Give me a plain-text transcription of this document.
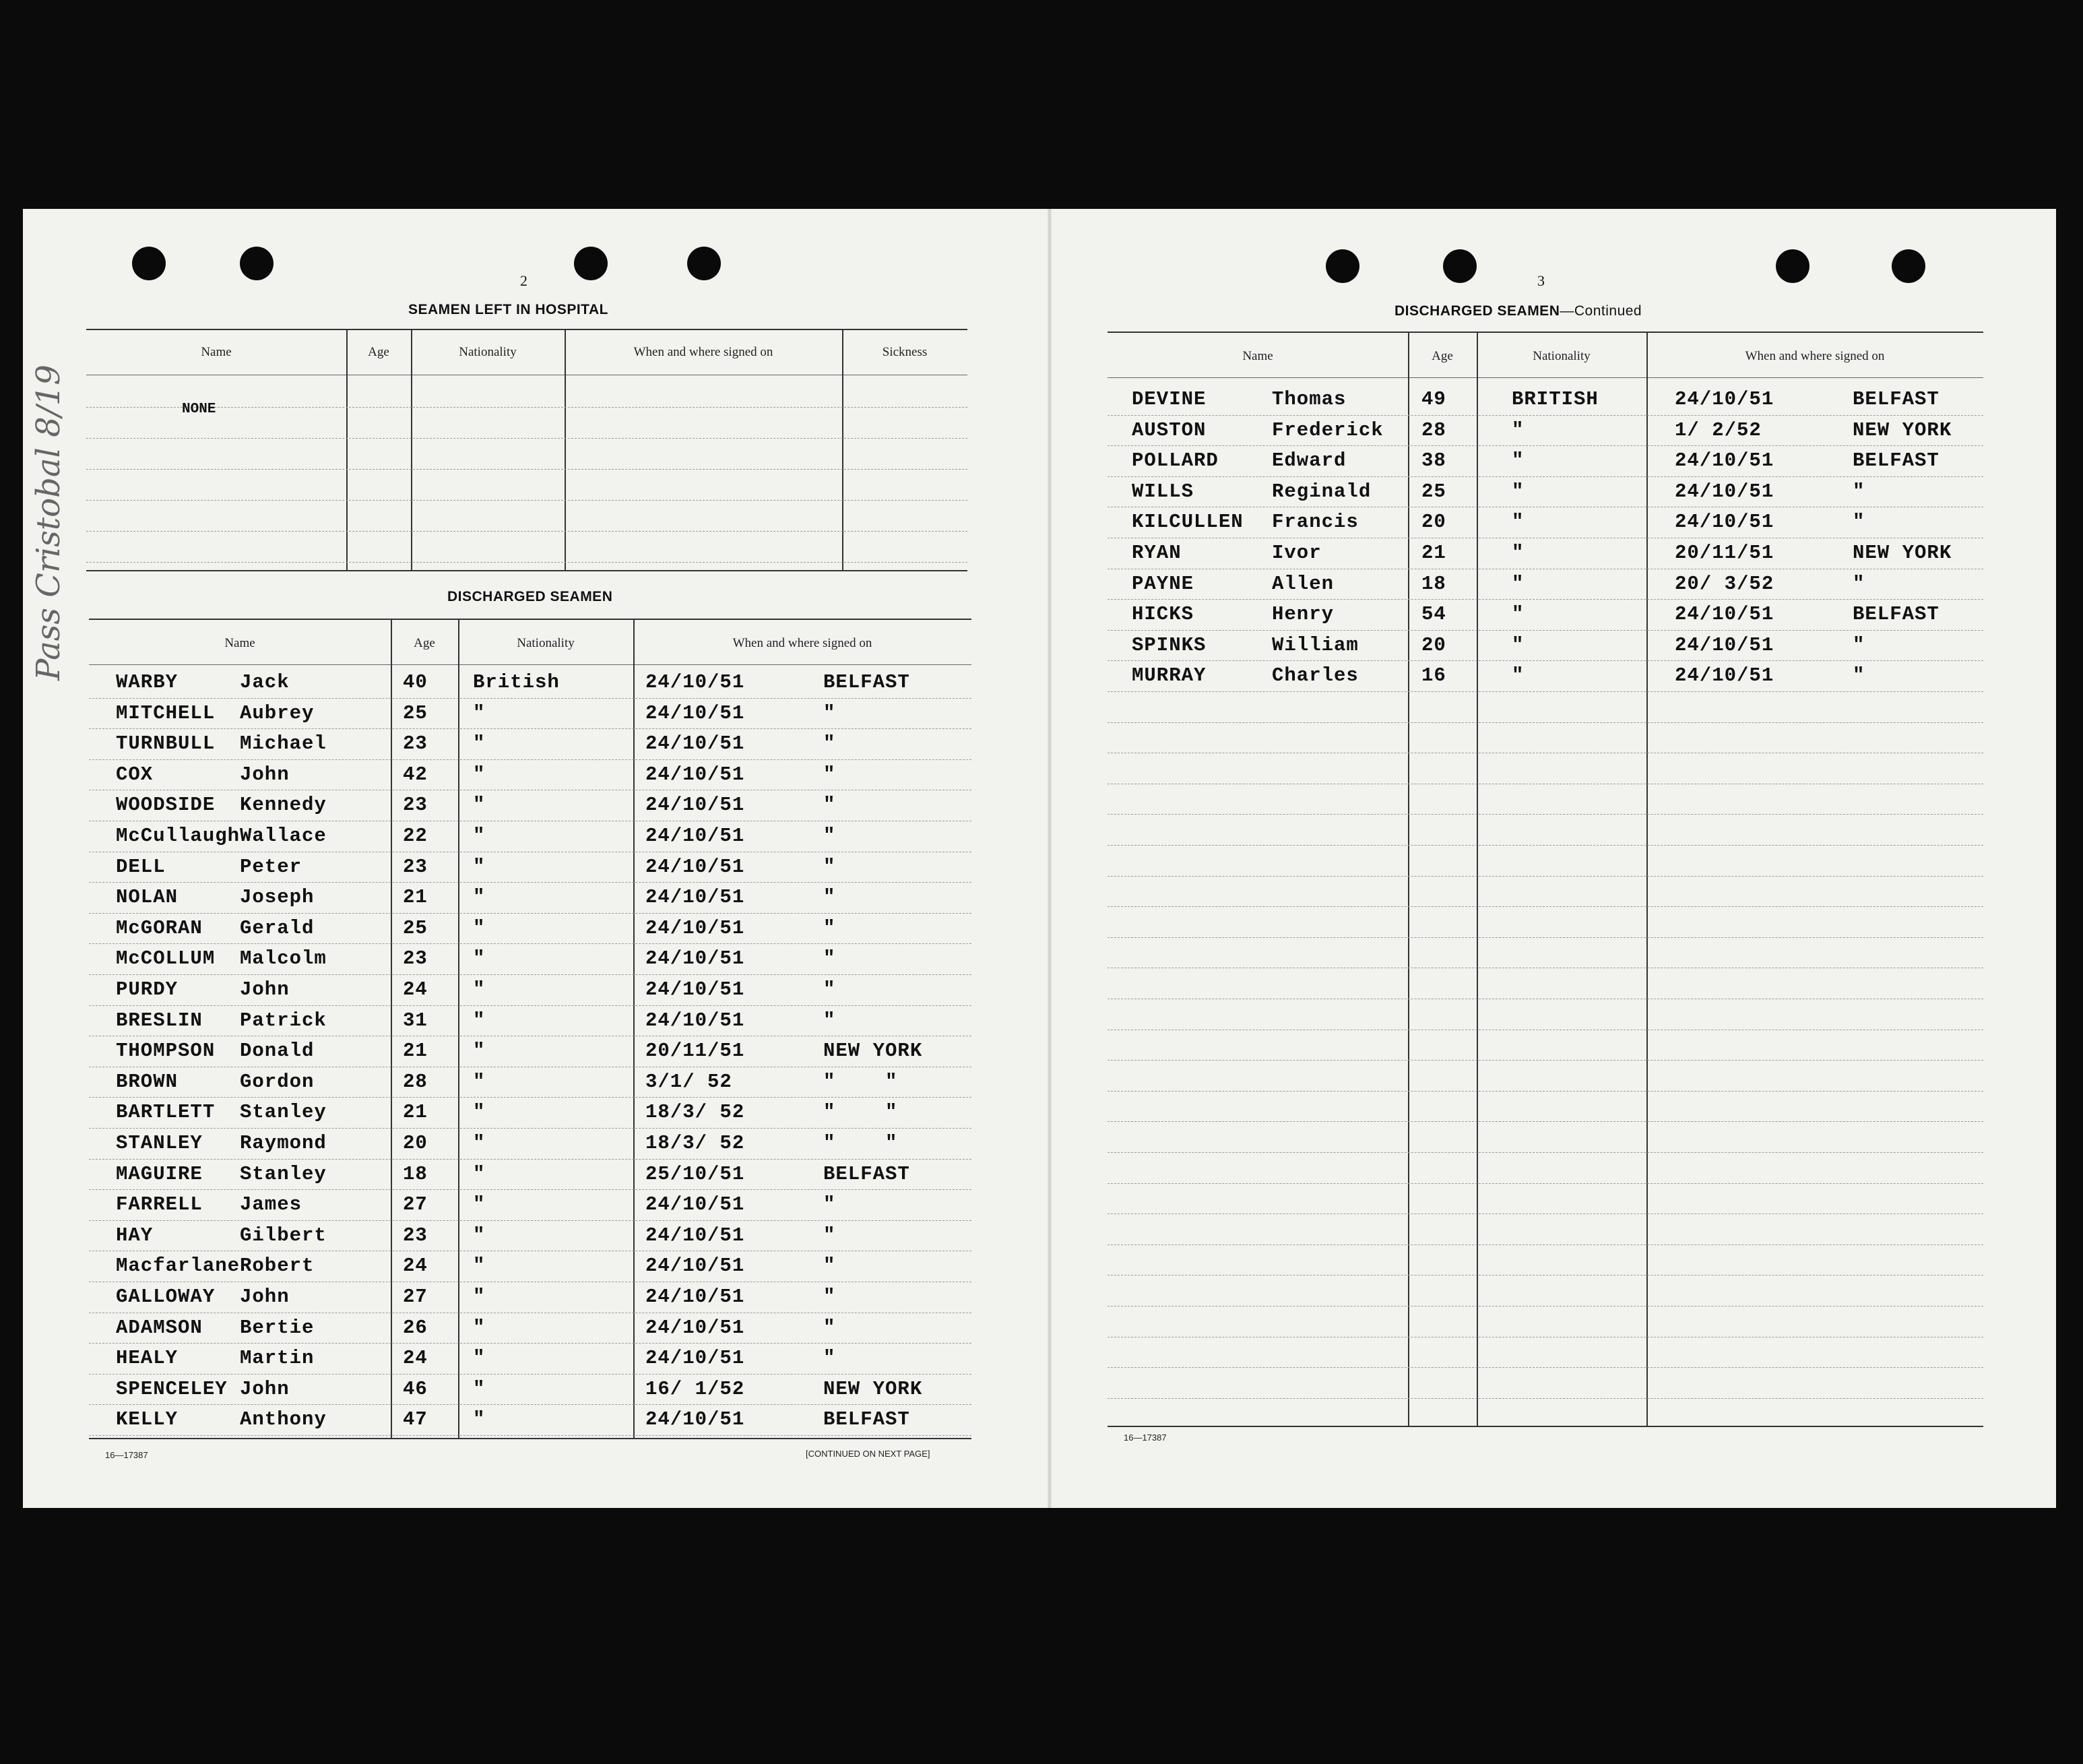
Pass Cristobal 8/19
2
SEAMEN LEFT IN HOSPITAL
Name	Age	Nationality	When and where signed on	Sickness
NONE
DISCHARGED SEAMEN
Name	Age	Nationality	When and where signed on
WARBY	Jack	40 British	24/10/51	BELFAST
MITCHELL Aubrey	25 "	24/10/51	"
TURNBULL Michael	23 "	24/10/51	"
COX	John	42 "	24/10/51	"
WOODSIDE Kennedy	23 "	24/10/51	"
McCullaugh Wallace	22 "	24/10/51	"
DELL	Peter	23 "	24/10/51	"
NOLAN	Joseph	21 "	24/10/51	"
McGORAN Gerald	25 "	24/10/51	"
McCOLLUM Malcolm	23 "	24/10/51	"
PURDY	John	24 "	24/10/51	"
BRESLIN Patrick	31 "	24/10/51	"
THOMPSON Donald	21 "	20/11/51	NEW YORK
BROWN	Gordon	28 "	3/1/ 52	"    "
BARTLETT Stanley	21 "	18/3/ 52	"    "
STANLEY Raymond	20 "	18/3/ 52	"    "
MAGUIRE Stanley	18 "	25/10/51	BELFAST
FARRELL James	27 "	24/10/51	"
HAY	Gilbert	23 "	24/10/51	"
Macfarlane Robert	24 "	24/10/51	"
GALLOWAY John	27 "	24/10/51	"
ADAMSON Bertie	26 "	24/10/51	"
HEALY	Martin	24 "	24/10/51	"
SPENCELEY John	46 "	16/ 1/52	NEW YORK
KELLY	Anthony	47 "	24/10/51	BELFAST
16—17387	[CONTINUED ON NEXT PAGE]
3
DISCHARGED SEAMEN—Continued
Name	Age	Nationality	When and where signed on
DEVINE	Thomas	49	BRITISH	24/10/51	BELFAST
AUSTON	Frederick 28	"	1/ 2/52	NEW YORK
POLLARD	Edward	38	"	24/10/51	BELFAST
WILLS	Reginald	25	"	24/10/51	"
KILCULLEN Francis	20	"	24/10/51	"
RYAN	Ivor	21	"	20/11/51	NEW YORK
PAYNE	Allen	18	"	20/ 3/52	"
HICKS	Henry	54	"	24/10/51	BELFAST
SPINKS	William	20	"	24/10/51	"
MURRAY	Charles	16	"	24/10/51	"
16—17387
